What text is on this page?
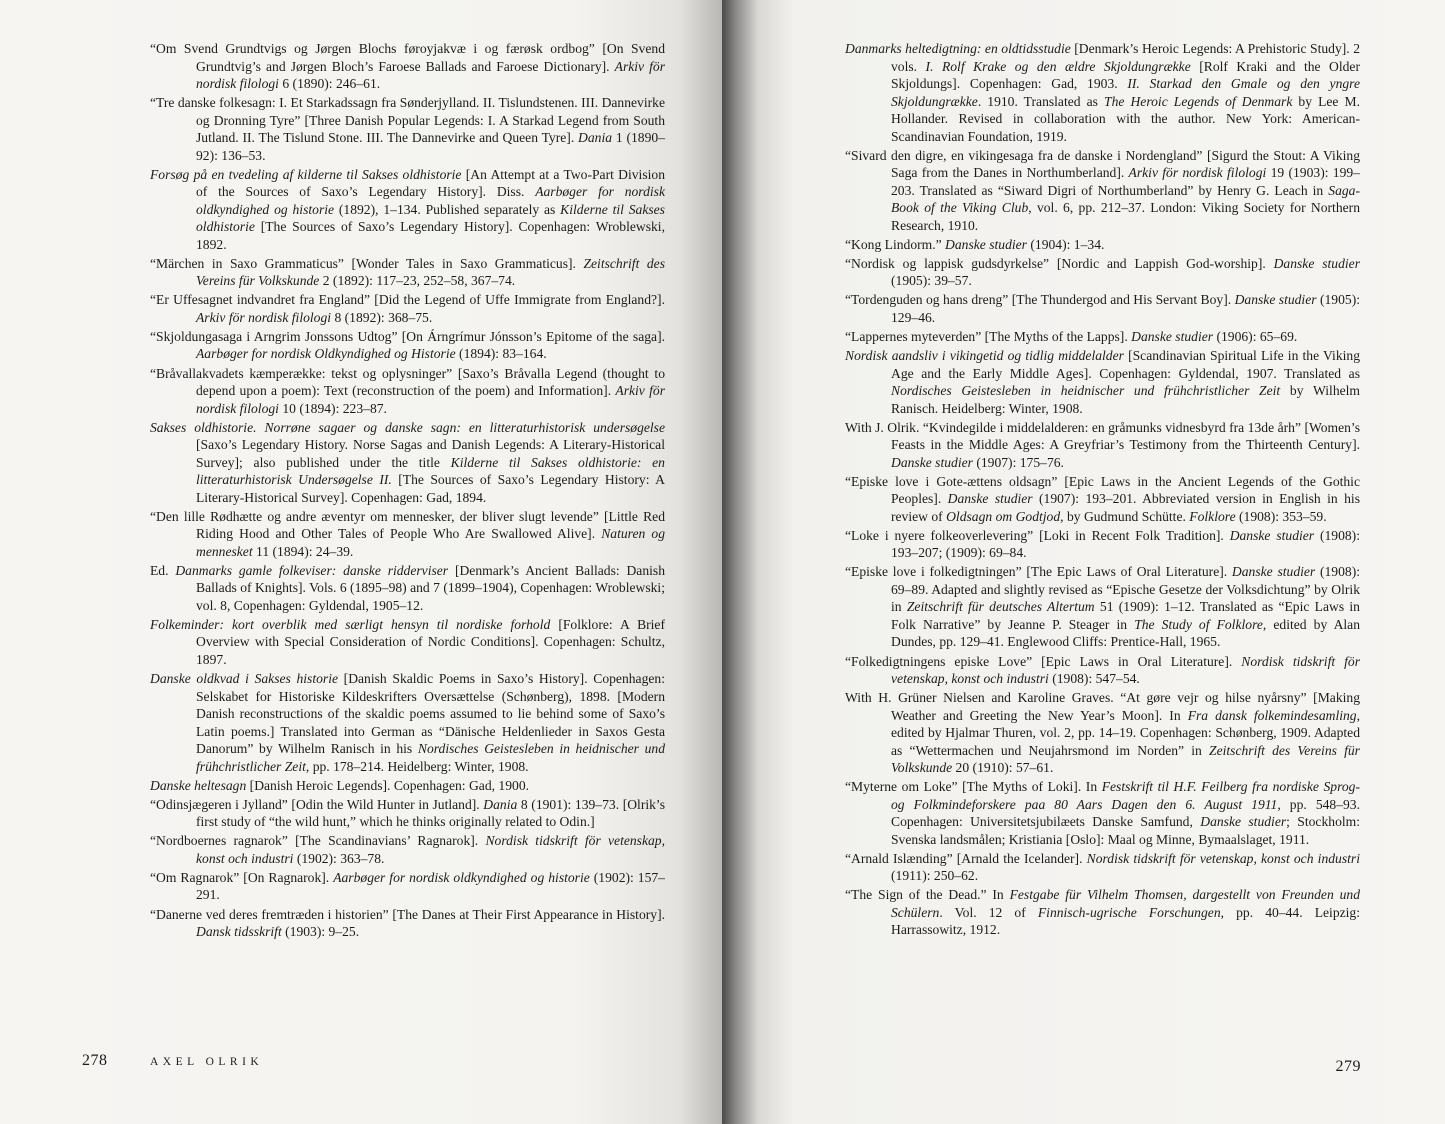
“Om Svend Grundtvigs og Jørgen Blochs føroyjakvæ i og færøsk ordbog” [On Svend Grundtvig’s and Jørgen Bloch’s Faroese Ballads and Faroese Dictionary]. Arkiv för nordisk filologi 6 (1890): 246–61.
“Tre danske folkesagn: I. Et Starkadssagn fra Sønderjylland. II. Tislundstenen. III. Dannevirke og Dronning Tyre” [Three Danish Popular Legends: I. A Starkad Legend from South Jutland. II. The Tislund Stone. III. The Dannevirke and Queen Tyre]. Dania 1 (1890–92): 136–53.
Forsøg på en tvedeling af kilderne til Sakses oldhistorie [An Attempt at a Two-Part Division of the Sources of Saxo’s Legendary History]. Diss. Aarbøger for nordisk oldkyndighed og historie (1892), 1–134. Published separately as Kilderne til Sakses oldhistorie [The Sources of Saxo’s Legendary History]. Copenhagen: Wroblewski, 1892.
“Märchen in Saxo Grammaticus” [Wonder Tales in Saxo Grammaticus]. Zeitschrift des Vereins für Volkskunde 2 (1892): 117–23, 252–58, 367–74.
“Er Uffesagnet indvandret fra England” [Did the Legend of Uffe Immigrate from England?]. Arkiv för nordisk filologi 8 (1892): 368–75.
“Skjoldungasaga i Arngrim Jonssons Udtog” [On Árngrímur Jónsson’s Epitome of the saga]. Aarbøger for nordisk Oldkyndighed og Historie (1894): 83–164.
“Bråvallakvadets kæmperække: tekst og oplysninger” [Saxo’s Bråvalla Legend (thought to depend upon a poem): Text (reconstruction of the poem) and Information]. Arkiv för nordisk filologi 10 (1894): 223–87.
Sakses oldhistorie. Norrøne sagaer og danske sagn: en litteraturhistorisk undersøgelse [Saxo’s Legendary History. Norse Sagas and Danish Legends: A Literary-Historical Survey]; also published under the title Kilderne til Sakses oldhistorie: en litteraturhistorisk Undersøgelse II. [The Sources of Saxo’s Legendary History: A Literary-Historical Survey]. Copenhagen: Gad, 1894.
“Den lille Rødhætte og andre æventyr om mennesker, der bliver slugt levende” [Little Red Riding Hood and Other Tales of People Who Are Swallowed Alive]. Naturen og mennesket 11 (1894): 24–39.
Ed. Danmarks gamle folkeviser: danske ridderviser [Denmark’s Ancient Ballads: Danish Ballads of Knights]. Vols. 6 (1895–98) and 7 (1899–1904), Copenhagen: Wroblewski; vol. 8, Copenhagen: Gyldendal, 1905–12.
Folkeminder: kort overblik med særligt hensyn til nordiske forhold [Folklore: A Brief Overview with Special Consideration of Nordic Conditions]. Copenhagen: Schultz, 1897.
Danske oldkvad i Sakses historie [Danish Skaldic Poems in Saxo’s History]. Copenhagen: Selskabet for Historiske Kildeskrifters Oversættelse (Schønberg), 1898. [Modern Danish reconstructions of the skaldic poems assumed to lie behind some of Saxo’s Latin poems.] Translated into German as “Dänische Heldenlieder in Saxos Gesta Danorum” by Wilhelm Ranisch in his Nordisches Geistesleben in heidnischer und frühchristlicher Zeit, pp. 178–214. Heidelberg: Winter, 1908.
Danske heltesagn [Danish Heroic Legends]. Copenhagen: Gad, 1900.
“Odinsjægeren i Jylland” [Odin the Wild Hunter in Jutland]. Dania 8 (1901): 139–73. [Olrik’s first study of “the wild hunt,” which he thinks originally related to Odin.]
“Nordboernes ragnarok” [The Scandinavians’ Ragnarok]. Nordisk tidskrift för vetenskap, konst och industri (1902): 363–78.
“Om Ragnarok” [On Ragnarok]. Aarbøger for nordisk oldkyndighed og historie (1902): 157–291.
“Danerne ved deres fremtræden i historien” [The Danes at Their First Appearance in History]. Dansk tidsskrift (1903): 9–25.
278	AXEL OLRIK
Danmarks heltedigtning: en oldtidsstudie [Denmark’s Heroic Legends: A Prehistoric Study]. 2 vols. I. Rolf Krake og den ældre Skjoldungrække [Rolf Kraki and the Older Skjoldungs]. Copenhagen: Gad, 1903. II. Starkad den Gmale og den yngre Skjoldungrække. 1910. Translated as The Heroic Legends of Denmark by Lee M. Hollander. Revised in collaboration with the author. New York: American-Scandinavian Foundation, 1919.
“Sivard den digre, en vikingesaga fra de danske i Nordengland” [Sigurd the Stout: A Viking Saga from the Danes in Northumberland]. Arkiv för nordisk filologi 19 (1903): 199–203. Translated as “Siward Digri of Northumberland” by Henry G. Leach in Saga-Book of the Viking Club, vol. 6, pp. 212–37. London: Viking Society for Northern Research, 1910.
“Kong Lindorm.” Danske studier (1904): 1–34.
“Nordisk og lappisk gudsdyrkelse” [Nordic and Lappish God-worship]. Danske studier (1905): 39–57.
“Tordenguden og hans dreng” [The Thundergod and His Servant Boy]. Danske studier (1905): 129–46.
“Lappernes myteverden” [The Myths of the Lapps]. Danske studier (1906): 65–69.
Nordisk aandsliv i vikingetid og tidlig middelalder [Scandinavian Spiritual Life in the Viking Age and the Early Middle Ages]. Copenhagen: Gyldendal, 1907. Translated as Nordisches Geistesleben in heidnischer und frühchristlicher Zeit by Wilhelm Ranisch. Heidelberg: Winter, 1908.
With J. Olrik. “Kvindegilde i middelalderen: en gråmunks vidnesbyrd fra 13de årh” [Women’s Feasts in the Middle Ages: A Greyfriar’s Testimony from the Thirteenth Century]. Danske studier (1907): 175–76.
“Episke love i Gote-ættens oldsagn” [Epic Laws in the Ancient Legends of the Gothic Peoples]. Danske studier (1907): 193–201. Abbreviated version in English in his review of Oldsagn om Godtjod, by Gudmund Schütte. Folklore (1908): 353–59.
“Loke i nyere folkeoverlevering” [Loki in Recent Folk Tradition]. Danske studier (1908): 193–207; (1909): 69–84.
“Episke love i folkedigtningen” [The Epic Laws of Oral Literature]. Danske studier (1908): 69–89. Adapted and slightly revised as “Epische Gesetze der Volksdichtung” by Olrik in Zeitschrift für deutsches Altertum 51 (1909): 1–12. Translated as “Epic Laws in Folk Narrative” by Jeanne P. Steager in The Study of Folklore, edited by Alan Dundes, pp. 129–41. Englewood Cliffs: Prentice-Hall, 1965.
“Folkedigtningens episke Love” [Epic Laws in Oral Literature]. Nordisk tidskrift för vetenskap, konst och industri (1908): 547–54.
With H. Grüner Nielsen and Karoline Graves. “At gøre vejr og hilse nyårsny” [Making Weather and Greeting the New Year’s Moon]. In Fra dansk folkemindesamling, edited by Hjalmar Thuren, vol. 2, pp. 14–19. Copenhagen: Schønberg, 1909. Adapted as “Wettermachen und Neujahrsmond im Norden” in Zeitschrift des Vereins für Volkskunde 20 (1910): 57–61.
“Myterne om Loke” [The Myths of Loki]. In Festskrift til H.F. Feilberg fra nordiske Sprog- og Folkmindeforskere paa 80 Aars Dagen den 6. August 1911, pp. 548–93. Copenhagen: Universitetsjubilæets Danske Samfund, Danske studier; Stockholm: Svenska landsmålen; Kristiania [Oslo]: Maal og Minne, Bymaalslaget, 1911.
“Arnald Islænding” [Arnald the Icelander]. Nordisk tidskrift för vetenskap, konst och industri (1911): 250–62.
“The Sign of the Dead.” In Festgabe für Vilhelm Thomsen, dargestellt von Freunden und Schülern. Vol. 12 of Finnisch-ugrische Forschungen, pp. 40–44. Leipzig: Harrassowitz, 1912.
279
